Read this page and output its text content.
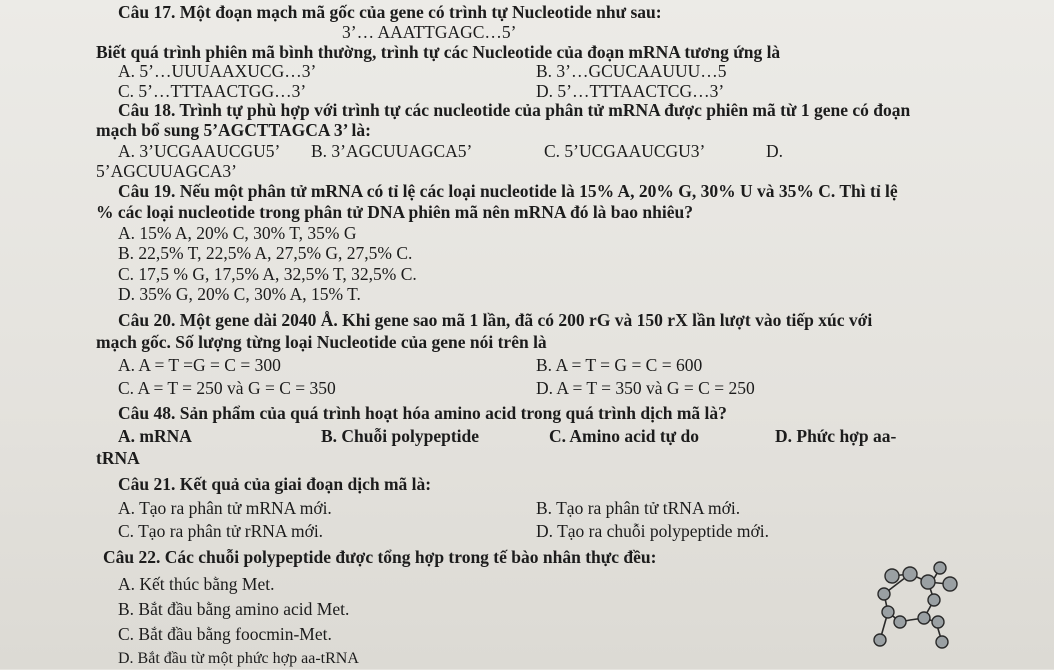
Câu 17. Một đoạn mạch mã gốc của gene có trình tự Nucleotide như sau:
3’… AAATTGAGC…5’
Biết quá trình phiên mã bình thường, trình tự các Nucleotide của đoạn mRNA tương ứng là
A. 5’…UUUAAXUCG…3’	B. 3’…GCUCAAUUU…5
C. 5’…TTTAACTGG…3’	D. 5’…TTTAACTCG…3’
Câu 18. Trình tự phù hợp với trình tự các nucleotide của phân tử mRNA được phiên mã từ 1 gene có đoạn
mạch bổ sung 5’AGCTTAGCA 3’ là:
A. 3’UCGAAUCGU5’ B. 3’AGCUUAGCA5’	C. 5’UCGAAUCGU3’	D.
5’AGCUUAGCA3’
Câu 19. Nếu một phân tử mRNA có tỉ lệ các loại nucleotide là 15% A, 20% G, 30% U và 35% C. Thì tỉ lệ
% các loại nucleotide trong phân tử DNA phiên mã nên mRNA đó là bao nhiêu?
A. 15% A, 20% C, 30% T, 35% G
B. 22,5% T, 22,5% A, 27,5% G, 27,5% C.
C. 17,5 % G, 17,5% A, 32,5% T, 32,5% C.
D. 35% G, 20% C, 30% A, 15% T.
Câu 20. Một gene dài 2040 Å. Khi gene sao mã 1 lần, đã có 200 rG và 150 rX lần lượt vào tiếp xúc với
mạch gốc. Số lượng từng loại Nucleotide của gene nói trên là
A. A = T =G = C = 300	B. A = T = G = C = 600
C. A = T = 250 và G = C = 350	D. A = T = 350 và G = C = 250
Câu 48. Sản phẩm của quá trình hoạt hóa amino acid trong quá trình dịch mã là?
A. mRNA	B. Chuỗi polypeptide	C. Amino acid tự do	D. Phức hợp aa-
tRNA
Câu 21. Kết quả của giai đoạn dịch mã là:
A. Tạo ra phân tử mRNA mới.	B. Tạo ra phân tử tRNA mới.
C. Tạo ra phân tử rRNA mới.	D. Tạo ra chuỗi polypeptide mới.
Câu 22. Các chuỗi polypeptide được tổng hợp trong tế bào nhân thực đều:
A. Kết thúc bằng Met.
B. Bắt đầu bằng amino acid Met.
C. Bắt đầu bằng foocmin-Met.
D. Bắt đầu từ một phức hợp aa-tRNA
